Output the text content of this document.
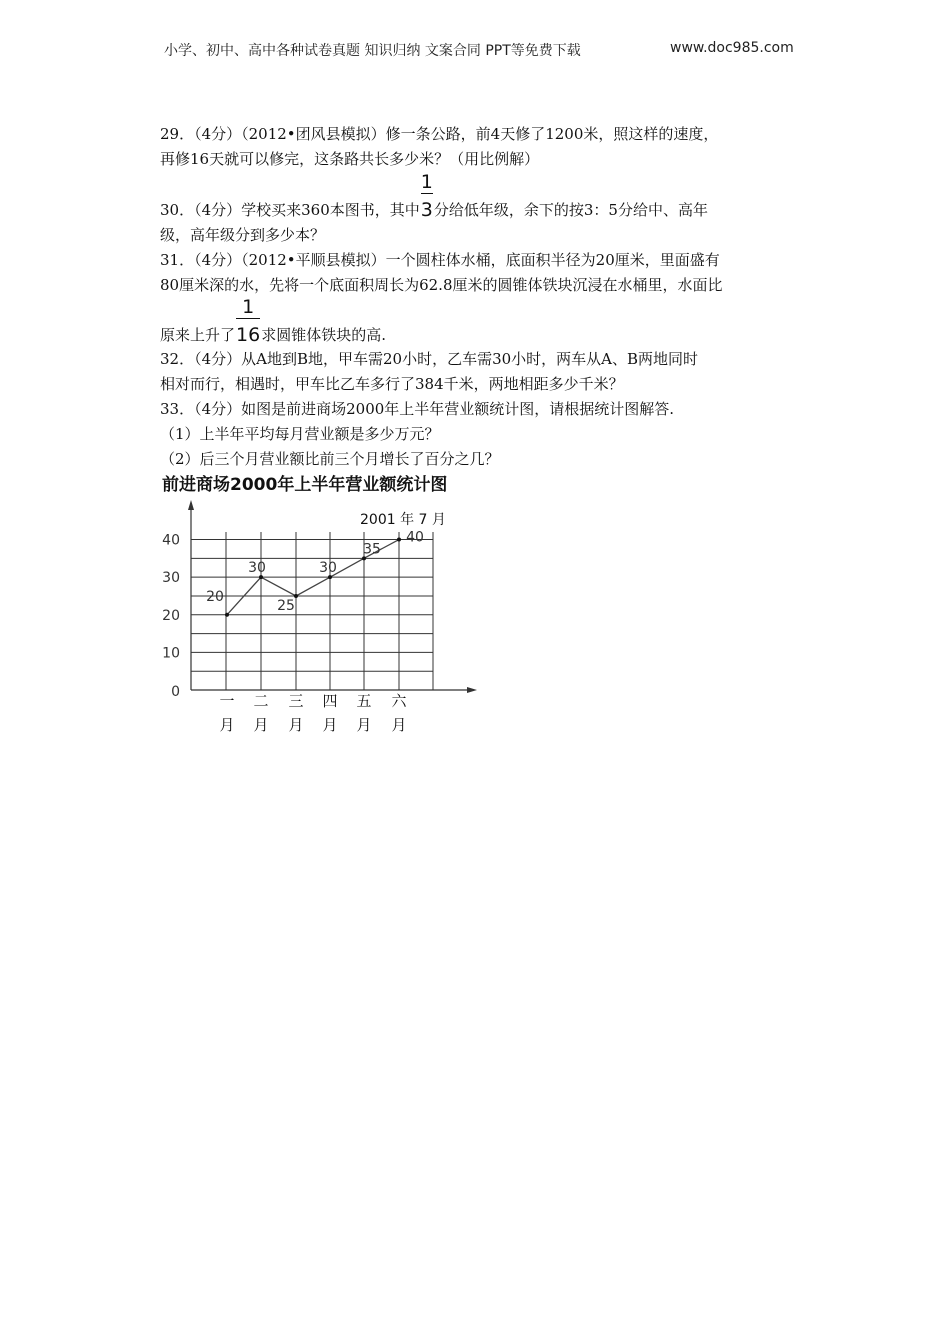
小学、初中、高中各种试卷真题 知识归纳 文案合同 PPT等免费下载	www.doc985.com
29．（4分）（2012•团风县模拟）修一条公路，前4天修了1200米，照这样的速度，
再修16天就可以修完，这条路共长多少米？（用比例解）
30．（4分）学校买来360本图书，其中 $\frac{1}{3}$分给低年级，余下的按3：5分给中、高年
级，高年级分到多少本？
31．（4分）（2012•平顺县模拟）一个圆柱体水桶，底面积半径为20厘米，里面盛有
80厘米深的水，先将一个底面积周长为62.8厘米的圆锥体铁块沉浸在水桶里，水面比
原来上升了 $\frac{1}{16}$求圆锥体铁块的高.
32．（4分）从A地到B地，甲车需20小时，乙车需30小时，两车从A、B两地同时
相对而行，相遇时，甲车比乙车多行了384千米，两地相距多少千米？
33．（4分）如图是前进商场2000年上半年营业额统计图，请根据统计图解答.
（1）上半年平均每月营业额是多少万元？
（2）后三个月营业额比前三个月增长了百分之几？
前进商场2000年上半年营业额统计图
0
10
20
30
40
一
月
二
月
三
月
四
月
五
月
六
月
20
30
25
30
35
40
2001 年 7 月
